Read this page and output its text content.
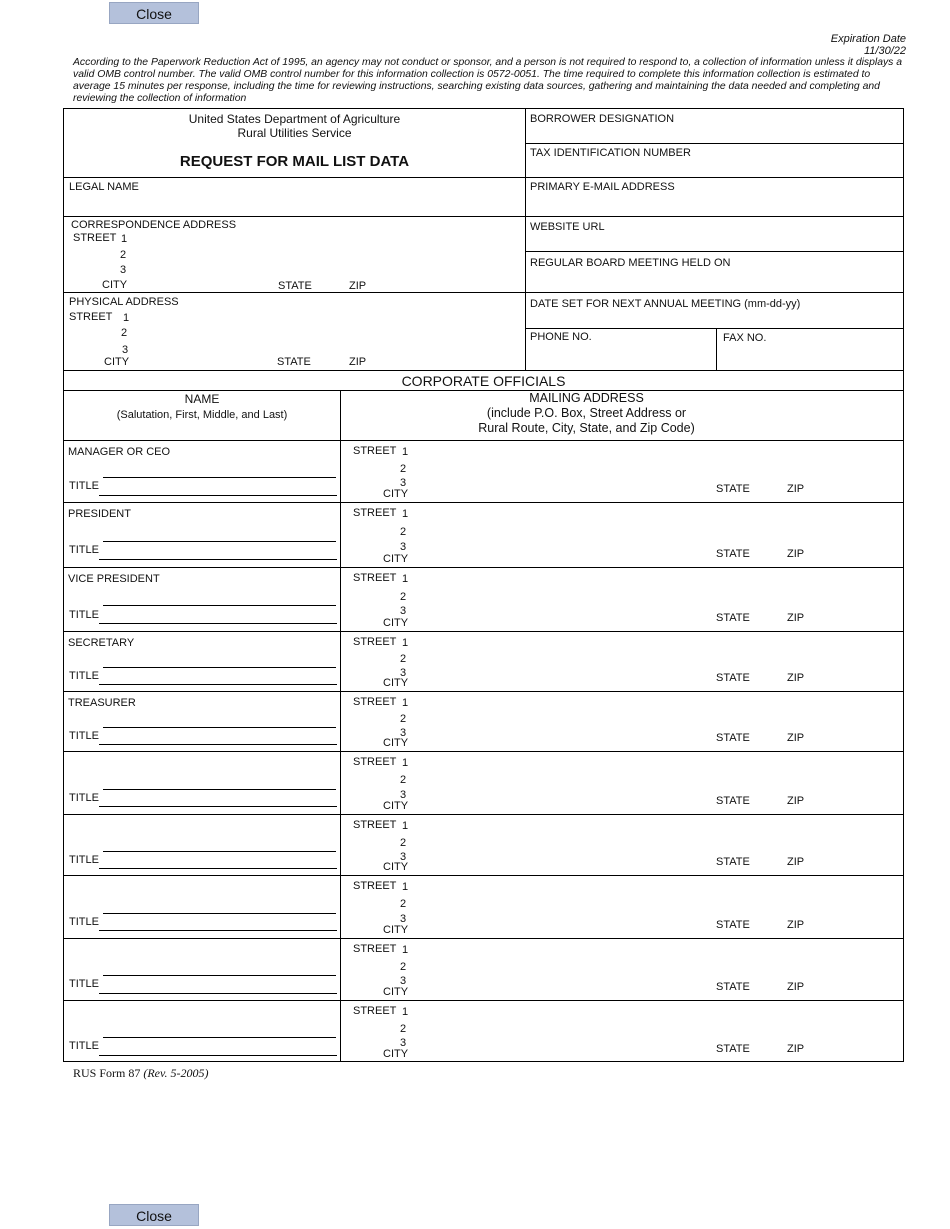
Close
Expiration Date
11/30/22
According to the Paperwork Reduction Act of 1995, an agency may not conduct or sponsor, and a person is not required to respond to, a collection of information unless it displays a valid OMB control number. The valid OMB control number for this information collection is 0572-0051. The time required to complete this information collection is estimated to average 15 minutes per response, including the time for reviewing instructions, searching existing data sources, gathering and maintaining the data needed and completing and reviewing the collection of information
United States Department of Agriculture
Rural Utilities Service
REQUEST FOR MAIL LIST DATA
BORROWER DESIGNATION
TAX IDENTIFICATION NUMBER
LEGAL NAME	PRIMARY E-MAIL ADDRESS
CORRESPONDENCE ADDRESS
STREET 1
2
3
CITY	STATE	ZIP
WEBSITE URL
REGULAR BOARD MEETING HELD ON
PHYSICAL ADDRESS
STREET 1
2
3
CITY	STATE	ZIP
DATE SET FOR NEXT ANNUAL MEETING (mm-dd-yy)
PHONE NO.	FAX NO.
CORPORATE OFFICIALS
NAME
(Salutation, First, Middle, and Last)
MAILING ADDRESS
(include P.O. Box, Street Address or
Rural Route, City, State, and Zip Code)
MANAGER OR CEO
TITLE
STREET 1
2
3
CITY	STATE	ZIP
PRESIDENT
TITLE
STREET 1
2
3
CITY	STATE	ZIP
VICE PRESIDENT
TITLE
STREET 1
2
3
CITY	STATE	ZIP
SECRETARY
TITLE
STREET 1
2
3
CITY	STATE	ZIP
TREASURER
TITLE
STREET 1
2
3
CITY	STATE	ZIP
TITLE
STREET 1
2
3
CITY	STATE	ZIP
TITLE
STREET 1
2
3
CITY	STATE	ZIP
TITLE
STREET 1
2
3
CITY	STATE	ZIP
TITLE
STREET 1
2
3
CITY	STATE	ZIP
TITLE
STREET 1
2
3
CITY	STATE	ZIP
RUS Form 87 (Rev. 5-2005)
Close
